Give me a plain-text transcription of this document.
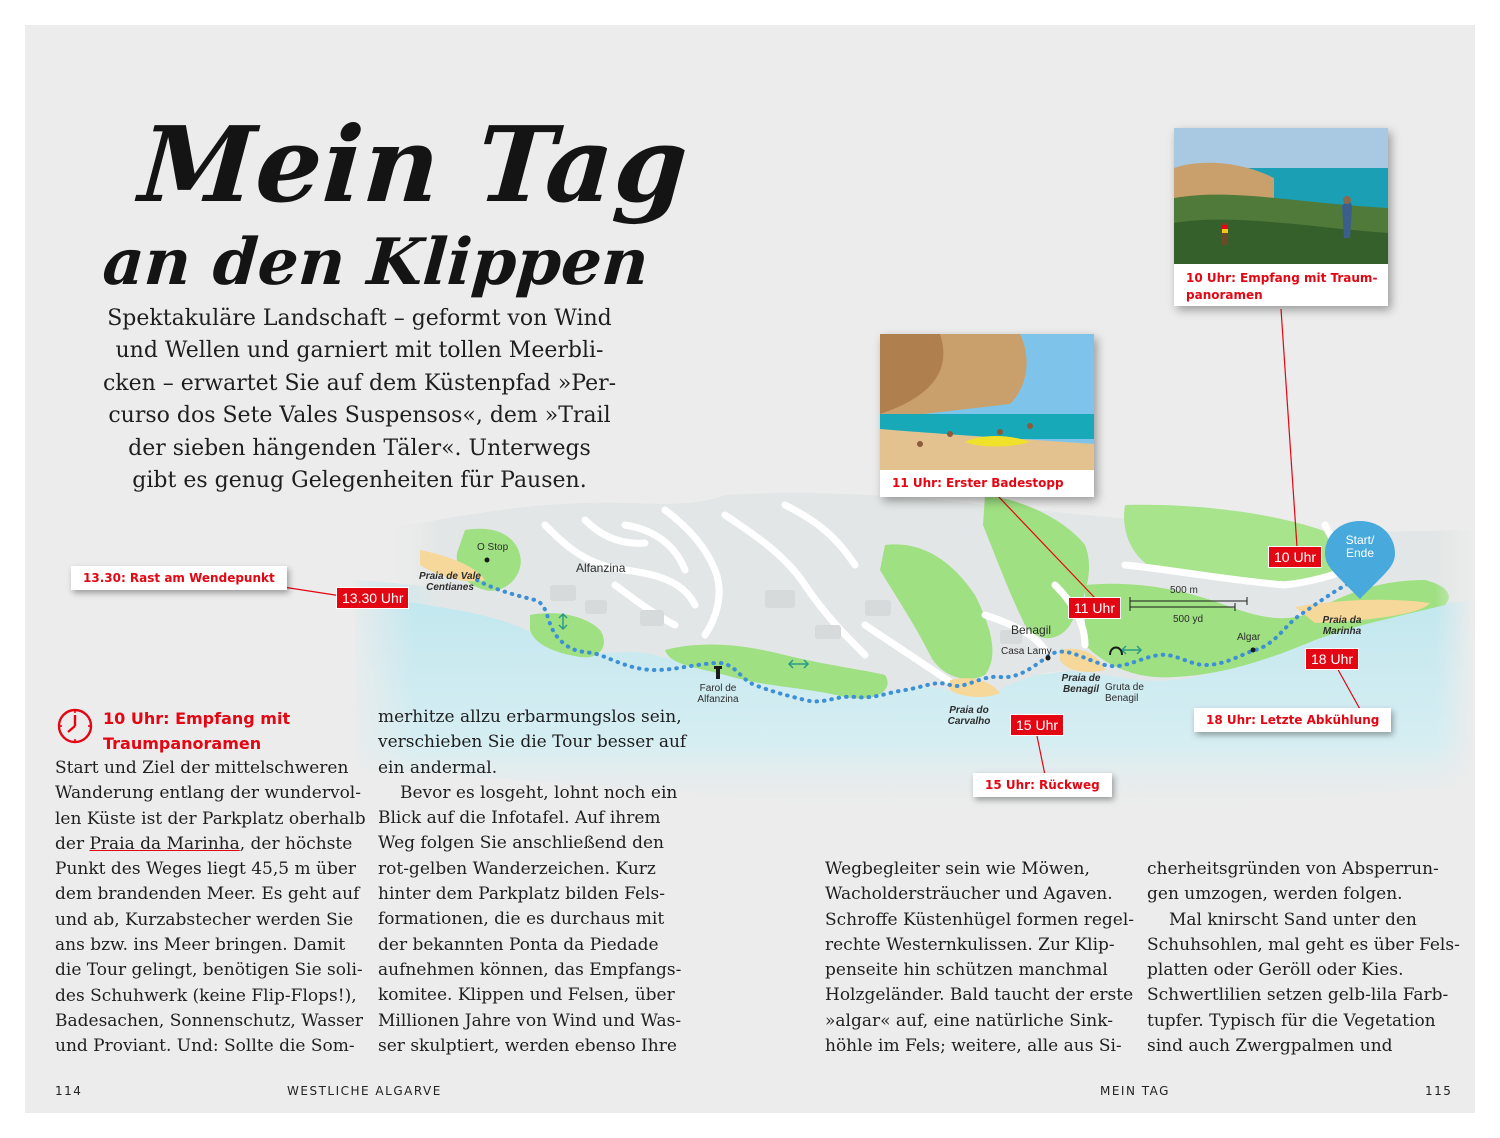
Mein Tag
an den Klippen
Spektakuläre Landschaft – geformt von Wind
und Wellen und garniert mit tollen Meerbli-
cken – erwartet Sie auf dem Küstenpfad »Per-
curso dos Sete Vales Suspensos«, dem »Trail
der sieben hängenden Täler«. Unterwegs
gibt es genug Gelegenheiten für Pausen.
10 Uhr: Empfang mit Traum-
panoramen
11 Uhr: Erster Badestopp
O Stop
Alfanzina
Praia de Vale
Centianes
Farol de
Alfanzina
Praia do
Carvalho
Benagil
Casa Lamy
Praia de
Benagil Gruta de
Benagil
Algar
Praia da
Marinha
Start/
Ende
500 m
500 yd
13.30 Uhr
11 Uhr
10 Uhr
18 Uhr
15 Uhr
13.30: Rast am Wendepunkt
18 Uhr: Letzte Abkühlung
15 Uhr: Rückweg
10 Uhr: Empfang mit
Traumpanoramen
Start und Ziel der mittelschweren
Wanderung entlang der wundervol-
len Küste ist der Parkplatz oberhalb
der Praia da Marinha, der höchste
Punkt des Weges liegt 45,5 m über
dem brandenden Meer. Es geht auf
und ab, Kurzabstecher werden Sie
ans bzw. ins Meer bringen. Damit
die Tour gelingt, benötigen Sie soli-
des Schuhwerk (keine Flip-Flops!),
Badesachen, Sonnenschutz, Wasser
und Proviant. Und: Sollte die Som-
merhitze allzu erbarmungslos sein,
verschieben Sie die Tour besser auf
ein andermal.
Bevor es losgeht, lohnt noch ein
Blick auf die Infotafel. Auf ihrem
Weg folgen Sie anschließend den
rot-gelben Wanderzeichen. Kurz
hinter dem Parkplatz bilden Fels-
formationen, die es durchaus mit
der bekannten Ponta da Piedade
aufnehmen können, das Empfangs-
komitee. Klippen und Felsen, über
Millionen Jahre von Wind und Was-
ser skulptiert, werden ebenso Ihre
Wegbegleiter sein wie Möwen,
Wacholdersträucher und Agaven.
Schroffe Küstenhügel formen regel-
rechte Westernkulissen. Zur Klip-
penseite hin schützen manchmal
Holzgeländer. Bald taucht der erste
»algar« auf, eine natürliche Sink-
höhle im Fels; weitere, alle aus Si-
cherheitsgründen von Absperrun-
gen umzogen, werden folgen.
Mal knirscht Sand unter den
Schuhsohlen, mal geht es über Fels-
platten oder Geröll oder Kies.
Schwertlilien setzen gelb-lila Farb-
tupfer. Typisch für die Vegetation
sind auch Zwergpalmen und
114	WESTLICHE ALGARVE	MEIN TAG	115
